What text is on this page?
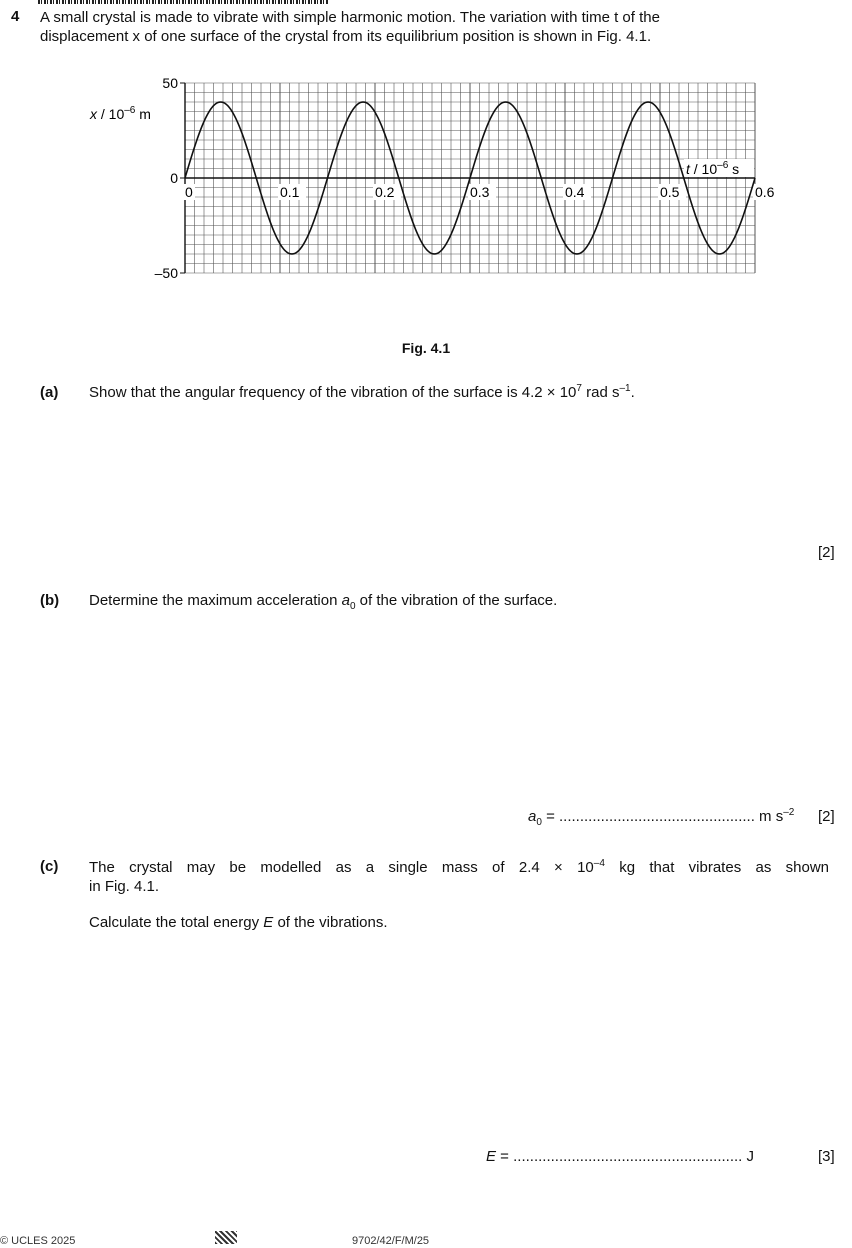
4 A small crystal is made to vibrate with simple harmonic motion. The variation with time t of the
displacement x of one surface of the crystal from its equilibrium position is shown in Fig. 4.1.
50
0
–50
0	0.1	0.2	0.3	0.4	0.5	0.6
x / $10^{-6}$ m
t / $10^{-6}$ s
Fig. 4.1
(a) Show that the angular frequency of the vibration of the surface is $4.2 \times 10^7$ rad $s^{-1}$.
[2]
(b) Determine the maximum acceleration $a_0$ of the vibration of the surface.
$a_0$ = ............................................... m $s^{-2}$ [2]
(c) The crystal may be modelled as a single mass of $2.4 \times 10^{-4}$ kg that vibrates as shown
in Fig. 4.1.
Calculate the total energy E of the vibrations.
E = ....................................................... J	[3]
© UCLES 2025	9702/42/F/M/25
